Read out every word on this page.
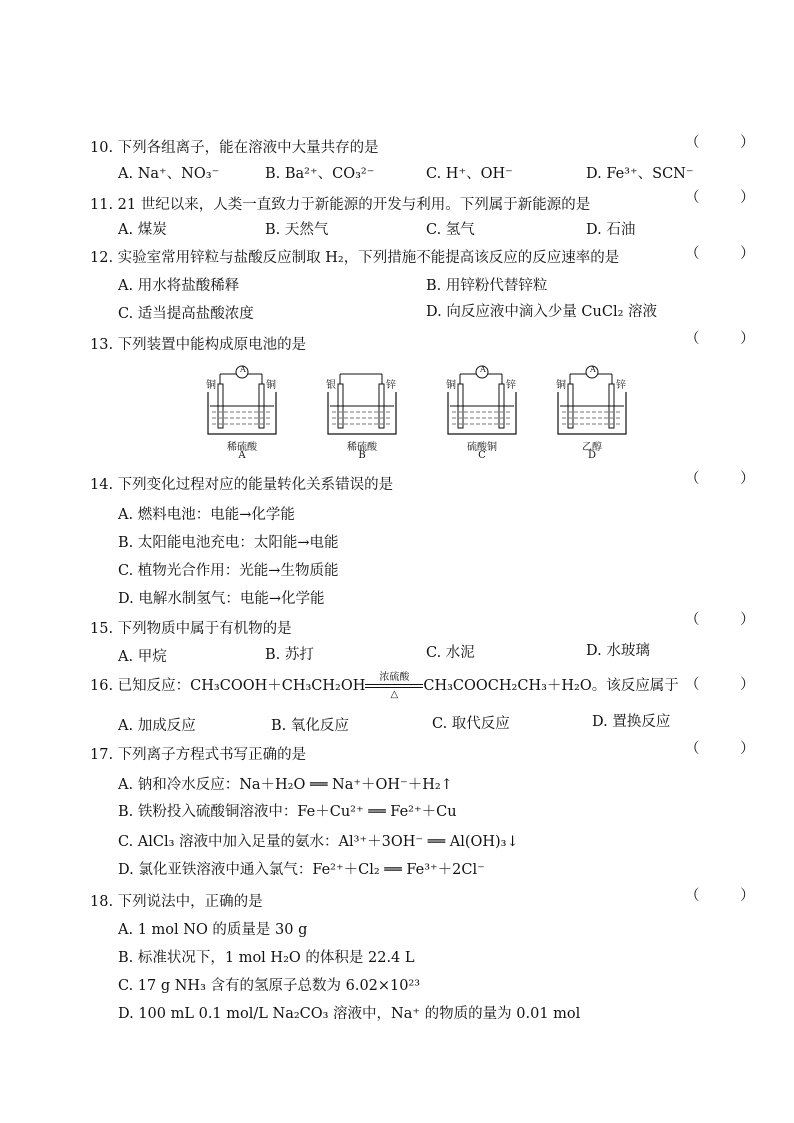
10. 下列各组离子，能在溶液中大量共存的是	（ ）
A. Na⁺、NO₃⁻	B. Ba²⁺、CO₃²⁻	C. H⁺、OH⁻	D. Fe³⁺、SCN⁻
11. 21 世纪以来，人类一直致力于新能源的开发与利用。下列属于新能源的是	（ ）
A. 煤炭	B. 天然气	C. 氢气	D. 石油
12. 实验室常用锌粒与盐酸反应制取 H₂，下列措施不能提高该反应的反应速率的是	（ ）
A. 用水将盐酸稀释	B. 用锌粉代替锌粒
C. 适当提高盐酸浓度	D. 向反应液中滴入少量 CuCl₂ 溶液
13. 下列装置中能构成原电池的是	（ ）
A
铜	铜
稀硫酸
A
银	锌
稀硫酸
B
A
铜	锌
硫酸铜
C
A
铜	锌
乙醇
D
14. 下列变化过程对应的能量转化关系错误的是	（ ）
A. 燃料电池：电能→化学能
B. 太阳能电池充电：太阳能→电能
C. 植物光合作用：光能→生物质能
D. 电解水制氢气：电能→化学能
15. 下列物质中属于有机物的是
（ ）
A. 甲烷	B. 苏打	C. 水泥	D. 水玻璃
16. 已知反应：CH₃COOH＋CH₃CH₂OH $\frac{\text{浓硫酸}}{\triangle}$ CH₃COOCH₂CH₃＋H₂O。该反应属于 （ ）
A. 加成反应	B. 氧化反应	C. 取代反应	D. 置换反应
17. 下列离子方程式书写正确的是	（ ）
A. 钠和冷水反应：Na＋H₂O ══ Na⁺＋OH⁻＋H₂↑
B. 铁粉投入硫酸铜溶液中：Fe＋Cu²⁺ ══ Fe²⁺＋Cu
C. AlCl₃ 溶液中加入足量的氨水：Al³⁺＋3OH⁻ ══ Al(OH)₃↓
D. 氯化亚铁溶液中通入氯气：Fe²⁺＋Cl₂ ══ Fe³⁺＋2Cl⁻
18. 下列说法中，正确的是	（ ）
A. 1 mol NO 的质量是 30 g
B. 标准状况下，1 mol H₂O 的体积是 22.4 L
C. 17 g NH₃ 含有的氢原子总数为 6.02×10²³
D. 100 mL 0.1 mol/L Na₂CO₃ 溶液中，Na⁺ 的物质的量为 0.01 mol
